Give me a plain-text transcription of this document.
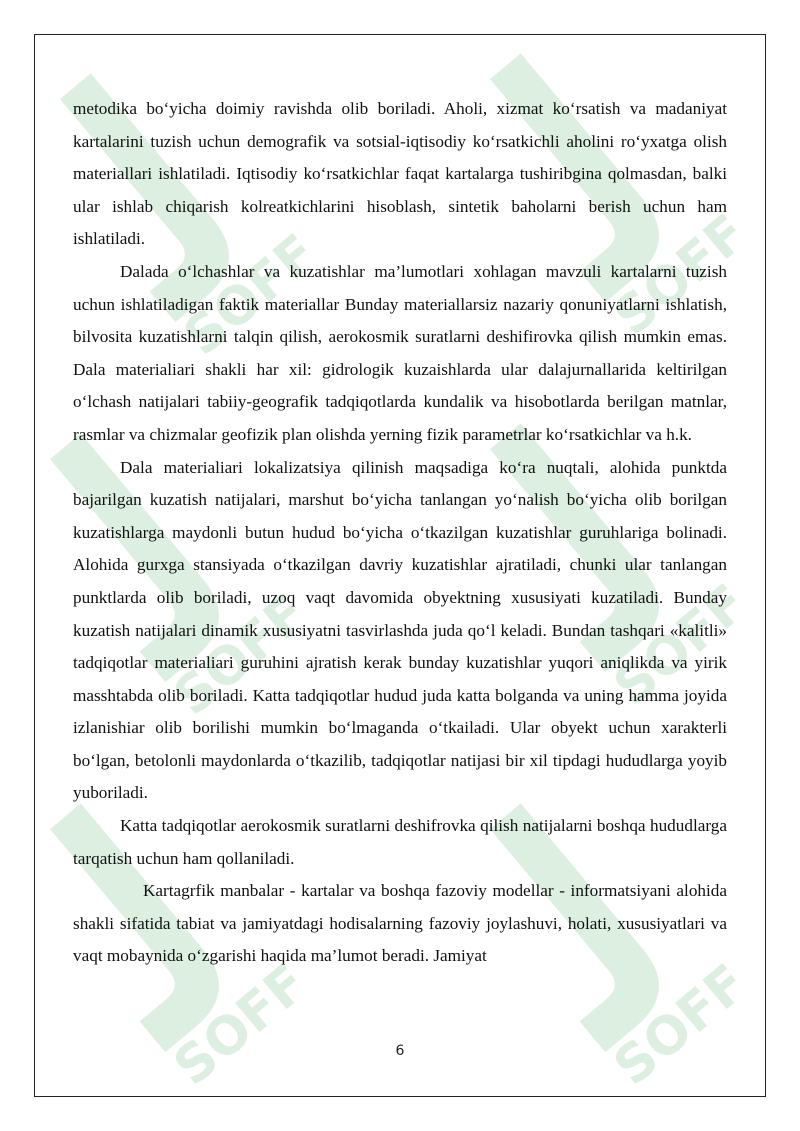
SOFF	SOFF
SOFF	SOFF
SOFF	SOFF

metodika bo‘yicha doimiy ravishda olib boriladi. Aholi, xizmat ko‘rsatish va madaniyat kartalarini tuzish uchun demografik va sotsial-iqtisodiy ko‘rsatkichli aholini ro‘yxatga olish materiallari ishlatiladi. Iqtisodiy ko‘rsatkichlar faqat kartalarga tushiribgina qolmasdan, balki ular ishlab chiqarish kolreatkichlarini hisoblash, sintetik baholarni berish uchun ham ishlatiladi.

Dalada o‘lchashlar va kuzatishlar ma’lumotlari xohlagan mavzuli kartalarni tuzish uchun ishlatiladigan faktik materiallar Bunday materiallarsiz nazariy qonuniyatlarni ishlatish, bilvosita kuzatishlarni talqin qilish, aerokosmik suratlarni deshifirovka qilish mumkin emas. Dala materialiari shakli har xil: gidrologik kuzaishlarda ular dalajurnallarida keltirilgan o‘lchash natijalari tabiiy-geografik tadqiqotlarda kundalik va hisobotlarda berilgan matnlar, rasmlar va chizmalar geofizik plan olishda yerning fizik parametrlar ko‘rsatkichlar va h.k.

Dala materialiari lokalizatsiya qilinish maqsadiga ko‘ra nuqtali, alohida punktda bajarilgan kuzatish natijalari, marshut bo‘yicha tanlangan yo‘nalish bo‘yicha olib borilgan kuzatishlarga maydonli butun hudud bo‘yicha o‘tkazilgan kuzatishlar guruhlariga bolinadi. Alohida gurxga stansiyada o‘tkazilgan davriy kuzatishlar ajratiladi, chunki ular tanlangan punktlarda olib boriladi, uzoq vaqt davomida obyektning xususiyati kuzatiladi. Bunday kuzatish natijalari dinamik xususiyatni tasvirlashda juda qo‘l keladi. Bundan tashqari «kalitli» tadqiqotlar materialiari guruhini ajratish kerak bunday kuzatishlar yuqori aniqlikda va yirik masshtabda olib boriladi. Katta tadqiqotlar hudud juda katta bolganda va uning hamma joyida izlanishiar olib borilishi mumkin bo‘lmaganda o‘tkailadi. Ular obyekt uchun xarakterli bo‘lgan, betolonli maydonlarda o‘tkazilib, tadqiqotlar natijasi bir xil tipdagi hududlarga yoyib yuboriladi.

Katta tadqiqotlar aerokosmik suratlarni deshifrovka qilish natijalarni boshqa hududlarga tarqatish uchun ham qollaniladi.

Kartagrfik manbalar - kartalar va boshqa fazoviy modellar - informatsiyani alohida shakli sifatida tabiat va jamiyatdagi hodisalarning fazoviy joylashuvi, holati, xususiyatlari va vaqt mobaynida o‘zgarishi haqida ma’lumot beradi. Jamiyat

6
